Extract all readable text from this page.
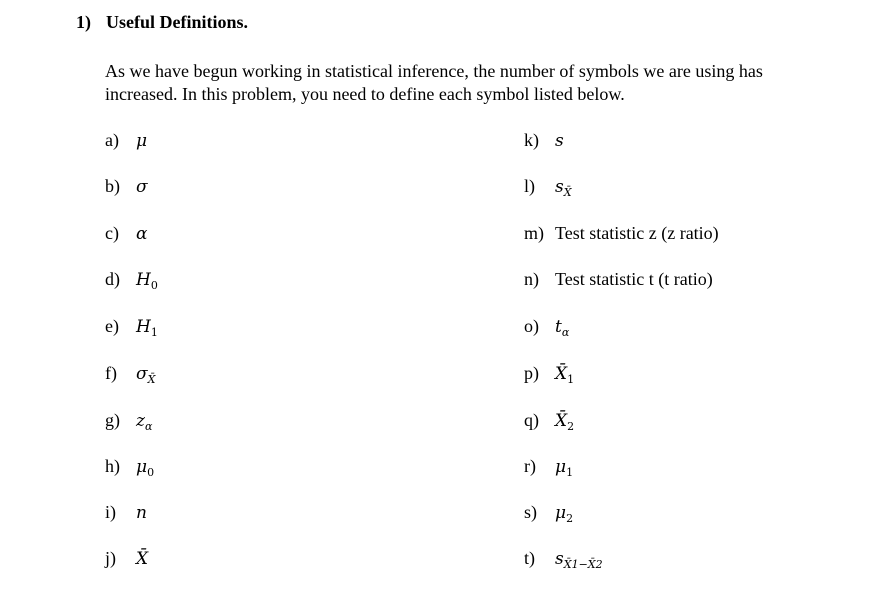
1) Useful Definitions.
As we have begun working in statistical inference, the number of symbols we are using has increased. In this problem, you need to define each symbol listed below.
a) μ
b) σ
c) α
d) $H_0$
e) $H_1$
f) $\sigma_{X̄}$
g) $z_\alpha$
h) $\mu_0$
i) n
j) X̄
k) s
l) $s_{X̄}$
m) Test statistic z (z ratio)
n) Test statistic t (t ratio)
o) $t_\alpha$
p) $X̄_1$
q) $X̄_2$
r) $\mu_1$
s) $\mu_2$
t) $s_{X̄1-X̄2}$
